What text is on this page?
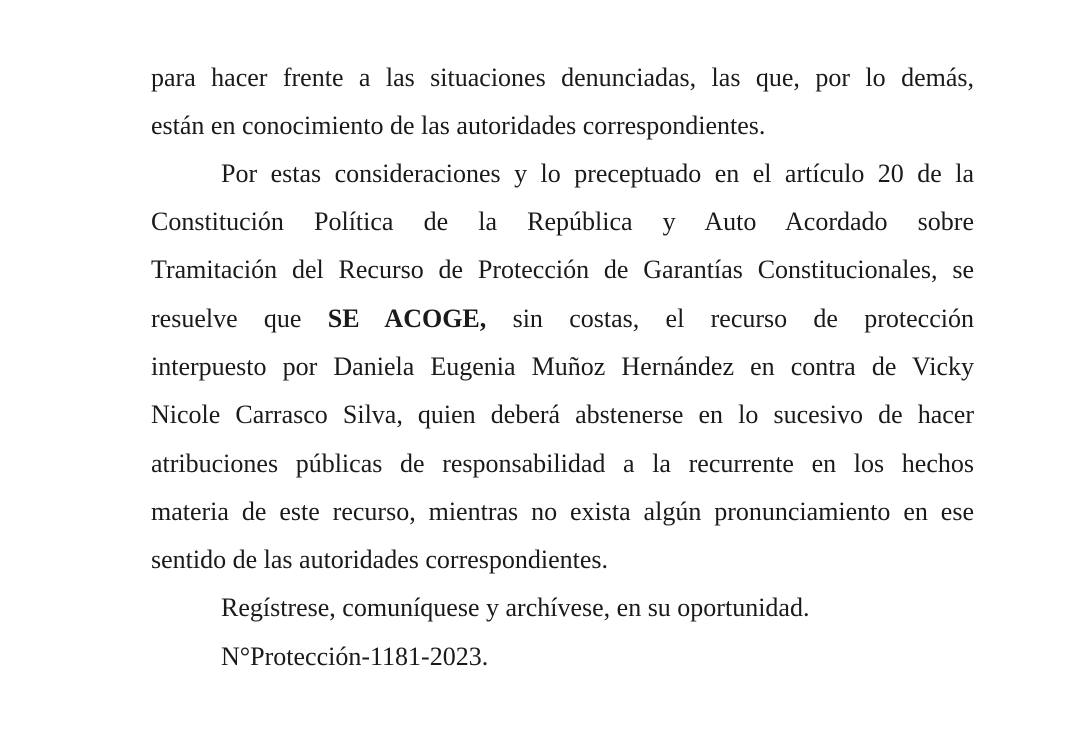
para hacer frente a las situaciones denunciadas, las que, por lo demás,
están en conocimiento de las autoridades correspondientes.
Por estas consideraciones y lo preceptuado en el artículo 20 de la
Constitución Política de la República y Auto Acordado sobre
Tramitación del Recurso de Protección de Garantías Constitucionales, se
resuelve que SE ACOGE, sin costas, el recurso de protección
interpuesto por Daniela Eugenia Muñoz Hernández en contra de Vicky
Nicole Carrasco Silva, quien deberá abstenerse en lo sucesivo de hacer
atribuciones públicas de responsabilidad a la recurrente en los hechos
materia de este recurso, mientras no exista algún pronunciamiento en ese
sentido de las autoridades correspondientes.
Regístrese, comuníquese y archívese, en su oportunidad.
N°Protección-1181-2023.
